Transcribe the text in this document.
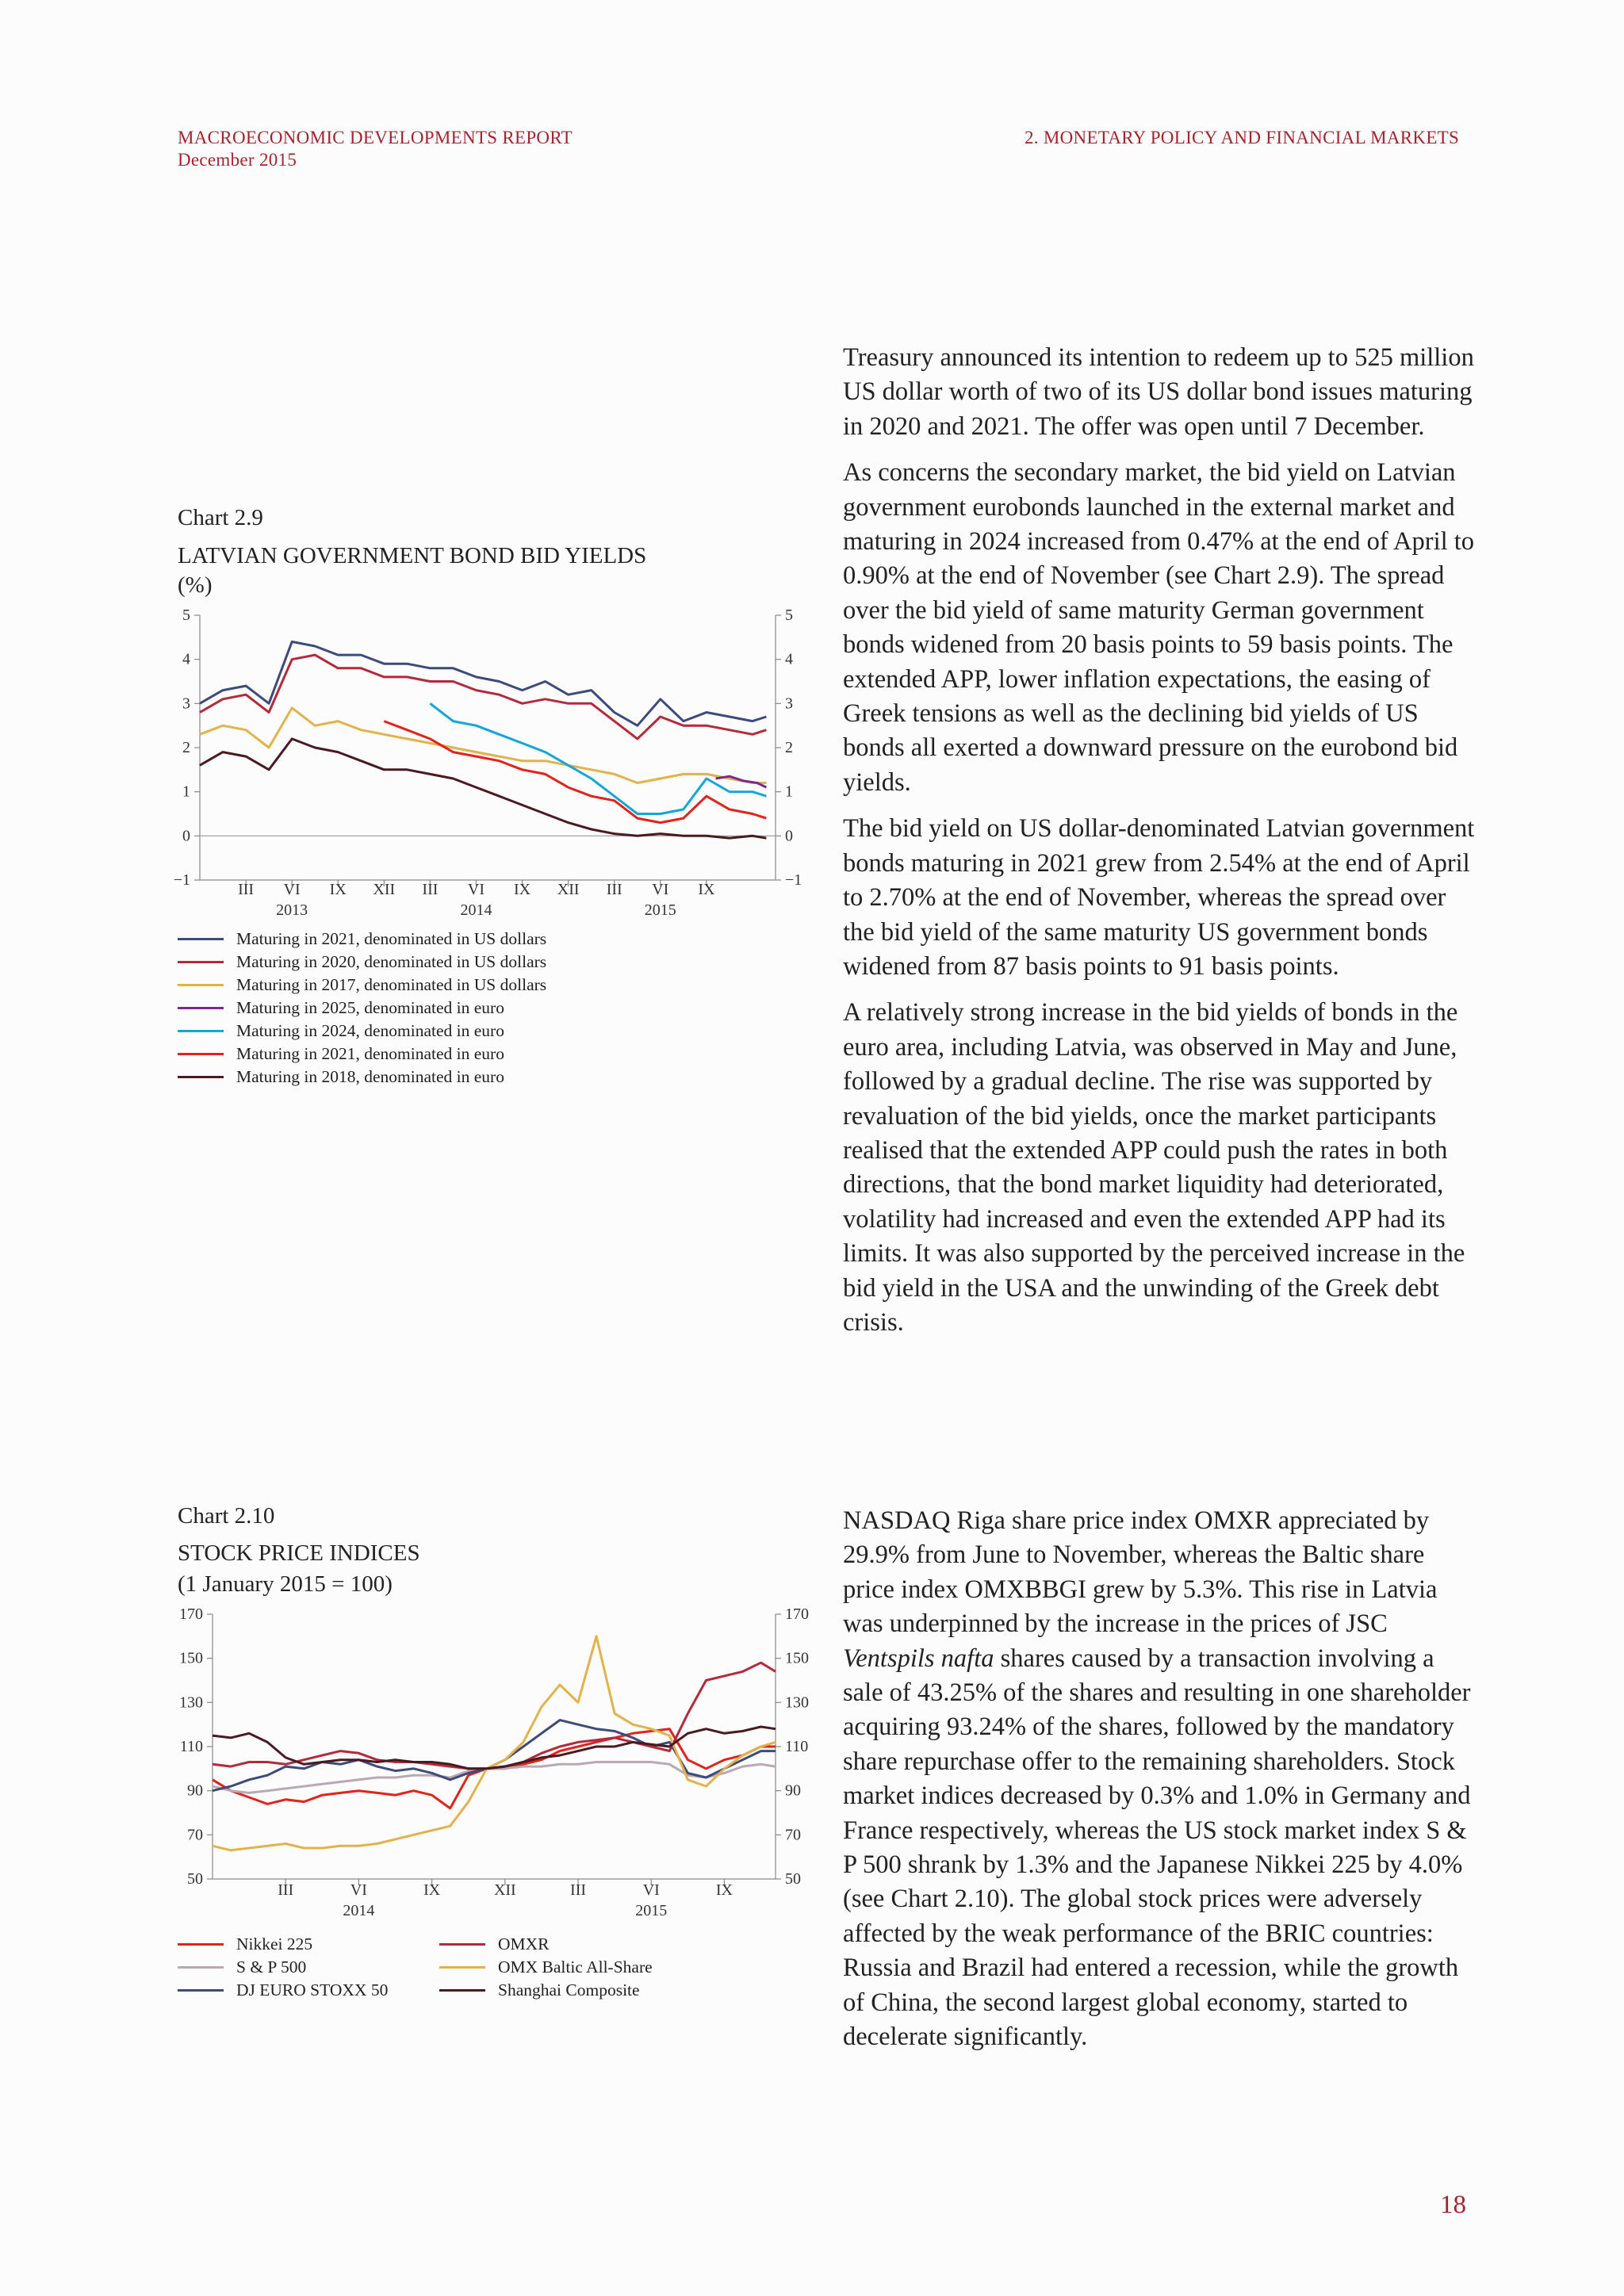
MACROECONOMIC DEVELOPMENTS REPORT
December 2015
2. MONETARY POLICY AND FINANCIAL MARKETS

Treasury announced its intention to redeem up to 525 million US dollar worth of two of its US dollar bond issues maturing in 2020 and 2021. The offer was open until 7 December.

As concerns the secondary market, the bid yield on Latvian government eurobonds launched in the external market and maturing in 2024 increased from 0.47% at the end of April to 0.90% at the end of November (see Chart 2.9). The spread over the bid yield of same maturity German government bonds widened from 20 basis points to 59 basis points. The extended APP, lower inflation expectations, the easing of Greek tensions as well as the declining bid yields of US bonds all exerted a downward pressure on the eurobond bid yields.

The bid yield on US dollar-denominated Latvian government bonds maturing in 2021 grew from 2.54% at the end of April to 2.70% at the end of November, whereas the spread over the bid yield of the same maturity US government bonds widened from 87 basis points to 91 basis points.

A relatively strong increase in the bid yields of bonds in the euro area, including Latvia, was observed in May and June, followed by a gradual decline. The rise was supported by revaluation of the bid yields, once the market participants realised that the extended APP could push the rates in both directions, that the bond market liquidity had deteriorated, volatility had increased and even the extended APP had its limits. It was also supported by the perceived increase in the bid yield in the USA and the unwinding of the Greek debt crisis.

NASDAQ Riga share price index OMXR appreciated by 29.9% from June to November, whereas the Baltic share price index OMXBBGI grew by 5.3%. This rise in Latvia was underpinned by the increase in the prices of JSC Ventspils nafta shares caused by a transaction involving a sale of 43.25% of the shares and resulting in one shareholder acquiring 93.24% of the shares, followed by the mandatory share repurchase offer to the remaining shareholders. Stock market indices decreased by 0.3% and 1.0% in Germany and France respectively, whereas the US stock market index S & P 500 shrank by 1.3% and the Japanese Nikkei 225 by 4.0% (see Chart 2.10). The global stock prices were adversely affected by the weak performance of the BRIC countries: Russia and Brazil had entered a recession, while the growth of China, the second largest global economy, started to decelerate significantly.

Chart 2.9
LATVIAN GOVERNMENT BOND BID YIELDS
(%)
5	5
4	4
3	3
2	2
1	1
0	0
−1	−1
III VI IX XII III VI IX XII III VI IX
2013	2014	2015
Maturing in 2021, denominated in US dollars
Maturing in 2020, denominated in US dollars
Maturing in 2017, denominated in US dollars
Maturing in 2025, denominated in euro
Maturing in 2024, denominated in euro
Maturing in 2021, denominated in euro
Maturing in 2018, denominated in euro
Chart 2.10
STOCK PRICE INDICES
(1 January 2015 = 100)
170	170
150	150
130	130
110	110
90	90
70	70
50	50
III	VI	IX	XII	III	VI	IX
2014	2015
Nikkei 225	OMXR
S & P 500	OMX Baltic All-Share
DJ EURO STOXX 50	Shanghai Composite
18
